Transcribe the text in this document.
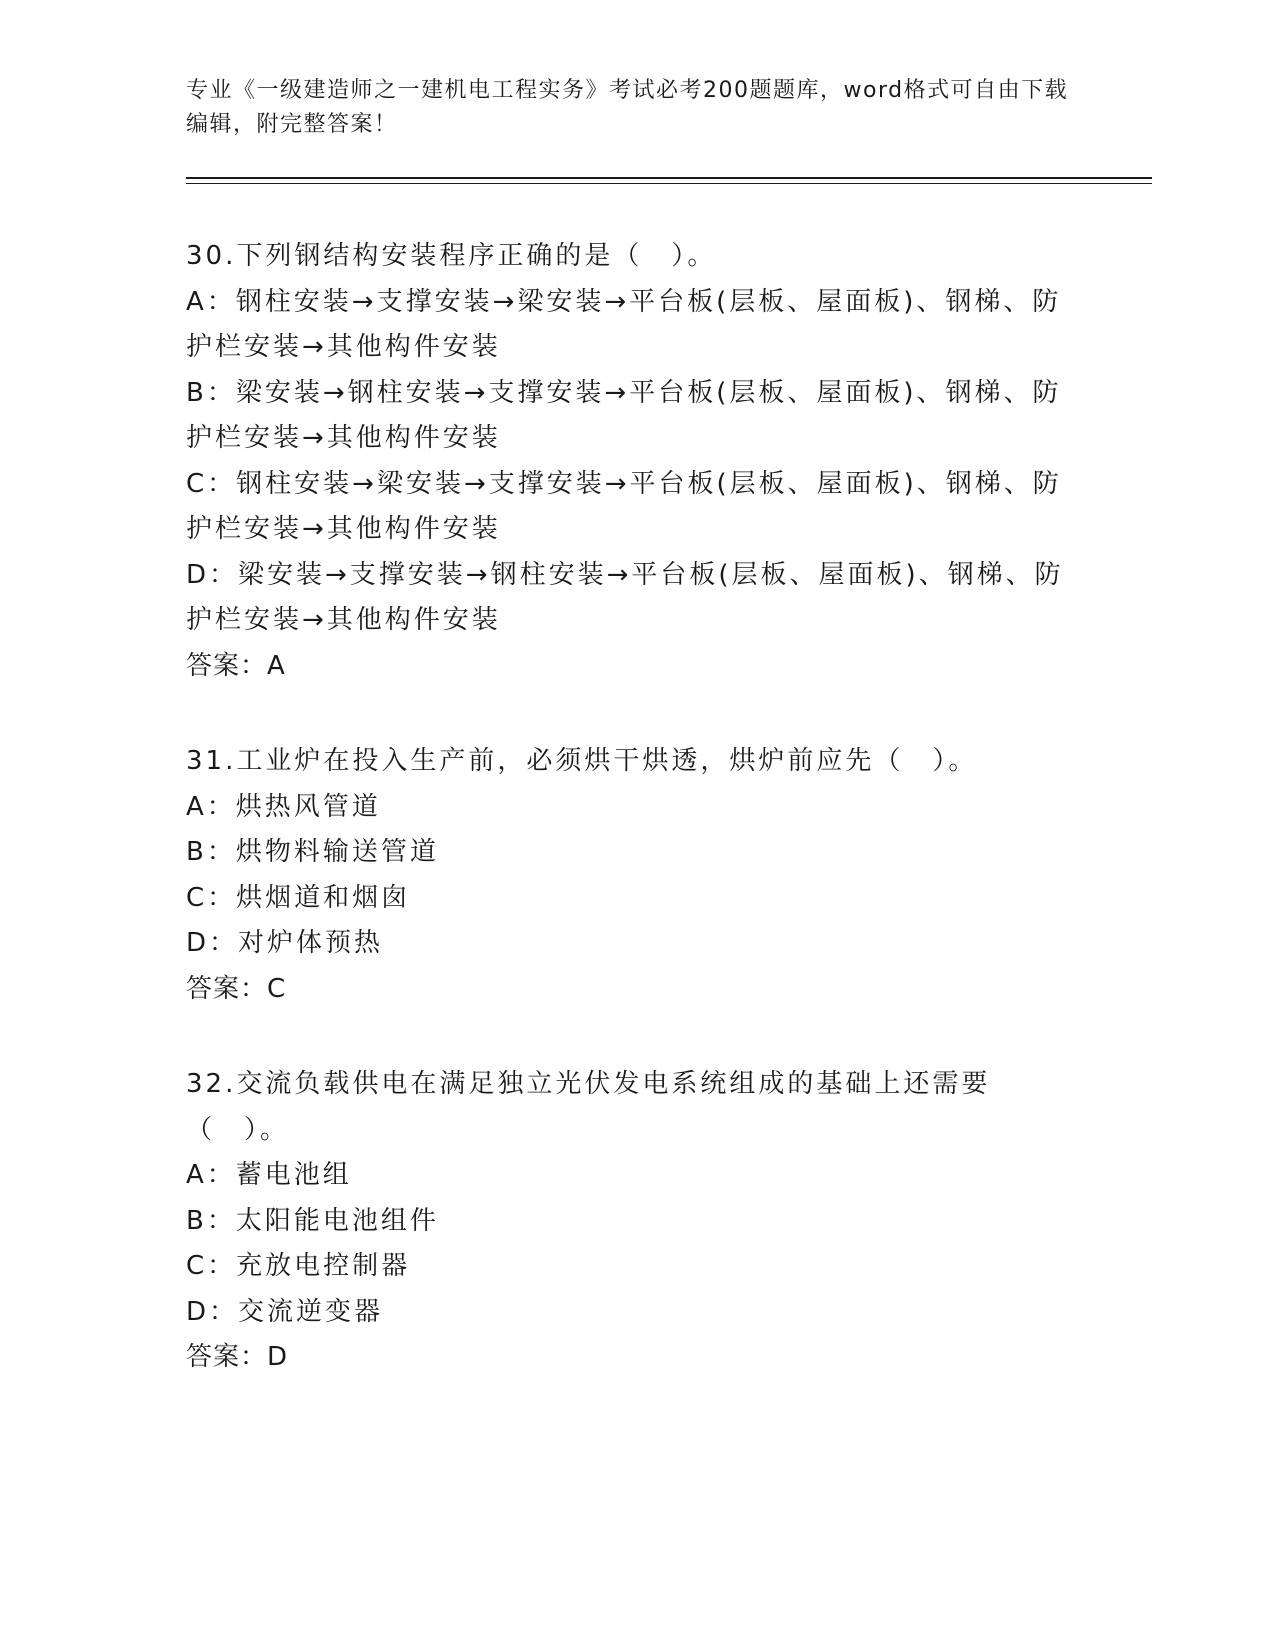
专业《一级建造师之一建机电工程实务》考试必考200题题库，word格式可自由下载编辑，附完整答案！
30.下列钢结构安装程序正确的是（　）。
A：钢柱安装→支撑安装→梁安装→平台板(层板、屋面板)、钢梯、防护栏安装→其他构件安装
B：梁安装→钢柱安装→支撑安装→平台板(层板、屋面板)、钢梯、防护栏安装→其他构件安装
C：钢柱安装→梁安装→支撑安装→平台板(层板、屋面板)、钢梯、防护栏安装→其他构件安装
D：梁安装→支撑安装→钢柱安装→平台板(层板、屋面板)、钢梯、防护栏安装→其他构件安装
答案：A
31.工业炉在投入生产前，必须烘干烘透，烘炉前应先（　）。
A：烘热风管道
B：烘物料输送管道
C：烘烟道和烟囱
D：对炉体预热
答案：C
32.交流负载供电在满足独立光伏发电系统组成的基础上还需要（　）。
A：蓄电池组
B：太阳能电池组件
C：充放电控制器
D：交流逆变器
答案：D
